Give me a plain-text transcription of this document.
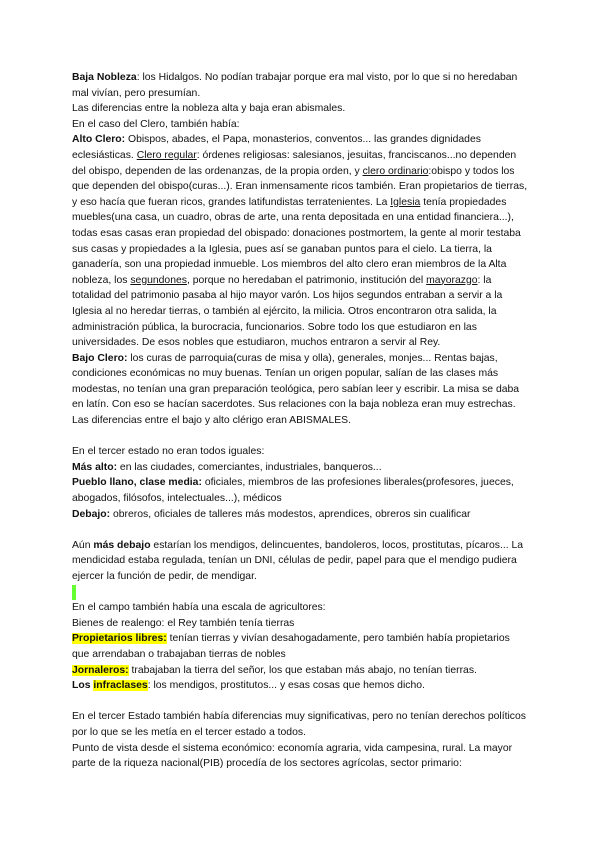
Baja Nobleza: los Hidalgos. No podían trabajar porque era mal visto, por lo que si no heredaban mal vivían, pero presumían.

Las diferencias entre la nobleza alta y baja eran abismales.

En el caso del Clero, también había:

Alto Clero: Obispos, abades, el Papa, monasterios, conventos... las grandes dignidades eclesiásticas. Clero regular: órdenes religiosas: salesianos, jesuitas, franciscanos...no dependen del obispo, dependen de las ordenanzas, de la propia orden, y clero ordinario:obispo y todos los que dependen del obispo(curas...). Eran inmensamente ricos también. Eran propietarios de tierras, y eso hacía que fueran ricos, grandes latifundistas terratenientes. La Iglesia tenía propiedades muebles(una casa, un cuadro, obras de arte, una renta depositada en una entidad financiera...), todas esas casas eran propiedad del obispado: donaciones postmortem, la gente al morir testaba sus casas y propiedades a la Iglesia, pues así se ganaban puntos para el cielo. La tierra, la ganadería, son una propiedad inmueble. Los miembros del alto clero eran miembros de la Alta nobleza, los segundones, porque no heredaban el patrimonio, institución del mayorazgo: la totalidad del patrimonio pasaba al hijo mayor varón. Los hijos segundos entraban a servir a la Iglesia al no heredar tierras, o también al ejército, la milicia. Otros encontraron otra salida, la administración pública, la burocracia, funcionarios. Sobre todo los que estudiaron en las universidades. De esos nobles que estudiaron, muchos entraron a servir al Rey.

Bajo Clero: los curas de parroquia(curas de misa y olla), generales, monjes... Rentas bajas, condiciones económicas no muy buenas. Tenían un origen popular, salían de las clases más modestas, no tenían una gran preparación teológica, pero sabían leer y escribir. La misa se daba en latín. Con eso se hacían sacerdotes. Sus relaciones con la baja nobleza eran muy estrechas.

Las diferencias entre el bajo y alto clérigo eran ABISMALES.

En el tercer estado no eran todos iguales:

Más alto: en las ciudades, comerciantes, industriales, banqueros...

Pueblo llano, clase media: oficiales, miembros de las profesiones liberales(profesores, jueces, abogados, filósofos, intelectuales...), médicos

Debajo: obreros, oficiales de talleres más modestos, aprendices, obreros sin cualificar

Aún más debajo estarían los mendigos, delincuentes, bandoleros, locos, prostitutas, pícaros... La mendicidad estaba regulada, tenían un DNI, células de pedir, papel para que el mendigo pudiera ejercer la función de pedir, de mendigar.

En el campo también había una escala de agricultores:

Bienes de realengo: el Rey también tenía tierras

Propietarios libres: tenían tierras y vivían desahogadamente, pero también había propietarios que arrendaban o trabajaban tierras de nobles

Jornaleros: trabajaban la tierra del señor, los que estaban más abajo, no tenían tierras.

Los infraclases: los mendigos, prostitutos... y esas cosas que hemos dicho.

En el tercer Estado también había diferencias muy significativas, pero no tenían derechos políticos por lo que se les metía en el tercer estado a todos.

Punto de vista desde el sistema económico: economía agraria, vida campesina, rural. La mayor parte de la riqueza nacional(PIB) procedía de los sectores agrícolas, sector primario:
